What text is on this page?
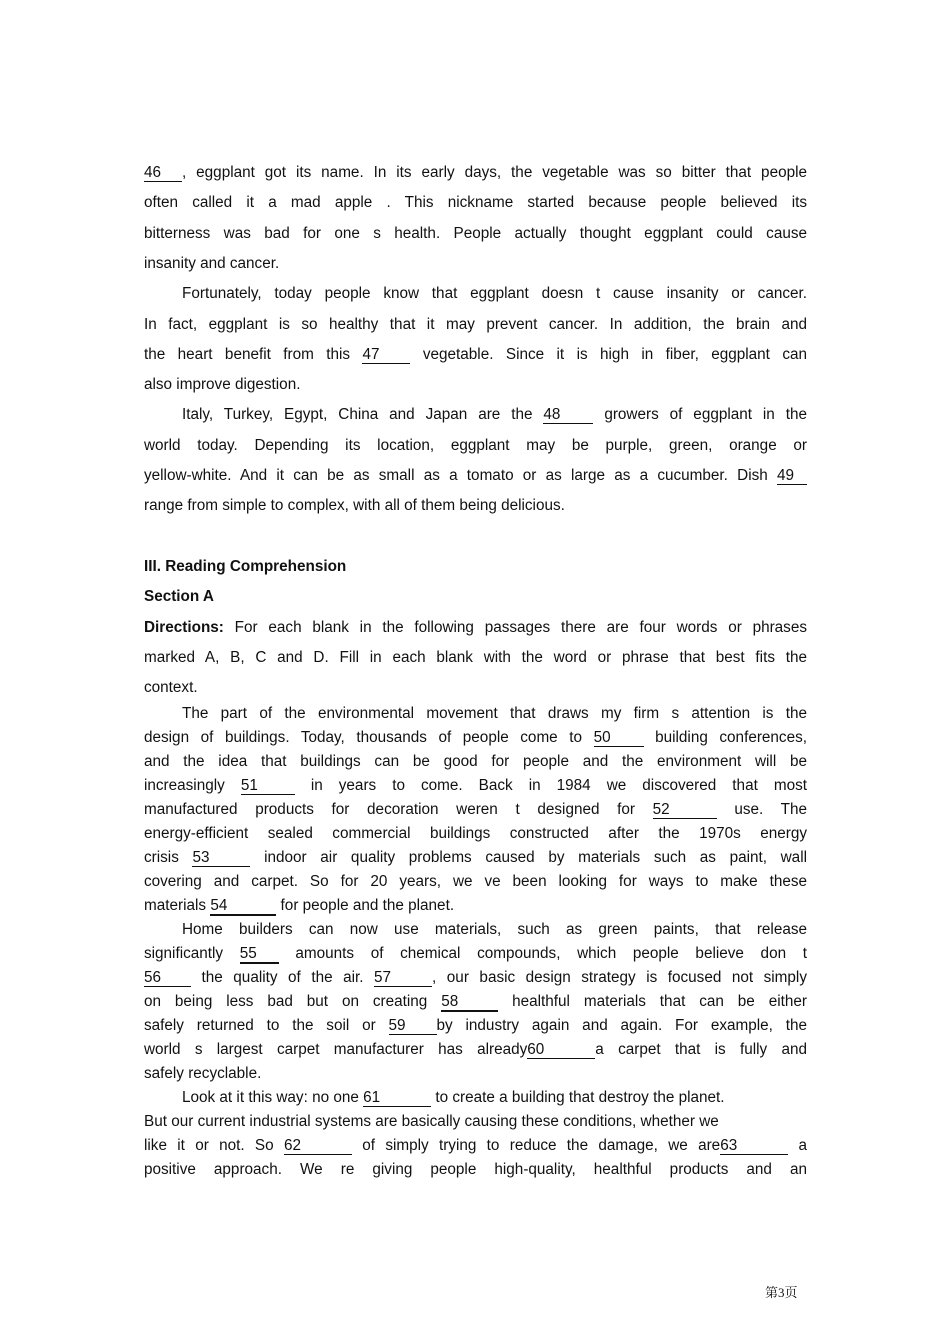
46 , eggplant got its name. In its early days, the vegetable was so bitter that people
often called it a mad apple . This nickname started because people believed its
bitterness was bad for one s health. People actually thought eggplant could cause
insanity and cancer.
Fortunately, today people know that eggplant doesn t cause insanity or cancer.
In fact, eggplant is so healthy that it may prevent cancer. In addition, the brain and
the heart benefit from this 47 vegetable. Since it is high in fiber, eggplant can
also improve digestion.
Italy, Turkey, Egypt, China and Japan are the 48 growers of eggplant in the
world today. Depending its location, eggplant may be purple, green, orange or
yellow-white. And it can be as small as a tomato or as large as a cucumber. Dish 49
range from simple to complex, with all of them being delicious.
III. Reading Comprehension
Section A
Directions: For each blank in the following passages there are four words or phrases
marked A, B, C and D. Fill in each blank with the word or phrase that best fits the
context.
The part of the environmental movement that draws my firm s attention is the
design of buildings. Today, thousands of people come to 50 building conferences,
and the idea that buildings can be good for people and the environment will be
increasingly 51 in years to come. Back in 1984 we discovered that most
manufactured products for decoration weren t designed for 52	use. The
energy-efficient sealed commercial buildings constructed after the 1970s energy
crisis 53	indoor air quality problems caused by materials such as paint, wall
covering and carpet. So for 20 years, we ve been looking for ways to make these
materials 54	for people and the planet.
Home builders can now use materials, such as green paints, that release
significantly 55 amounts of chemical compounds, which people believe don t
56 the quality of the air. 57	, our basic design strategy is focused not simply
on being less bad but on creating 58	healthful materials that can be either
safely returned to the soil or 59 by industry again and again. For example, the
world s largest carpet manufacturer has already60	a carpet that is fully and
safely recyclable.
Look at it this way: no one 61	to create a building that destroy the planet.
But our current industrial systems are basically causing these conditions, whether we
like it or not. So 62	of simply trying to reduce the damage, we are63	a
positive approach. We re giving people high-quality, healthful products and an
第3页
